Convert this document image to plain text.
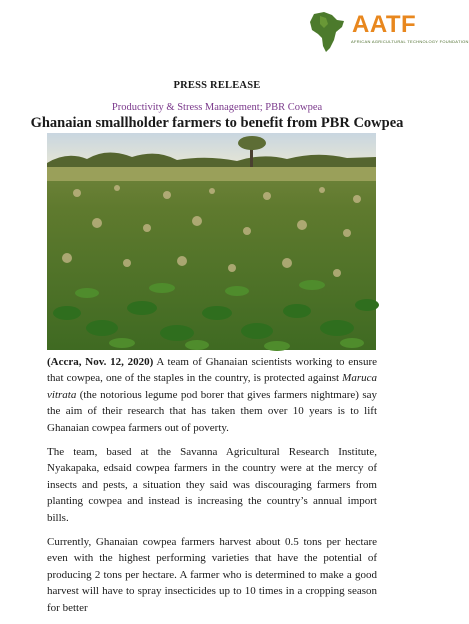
AATF
AFRICAN AGRICULTURAL TECHNOLOGY FOUNDATION
PRESS RELEASE
Productivity & Stress Management; PBR Cowpea
Ghanaian smallholder farmers to benefit from PBR Cowpea

(Accra, Nov. 12, 2020) A team of Ghanaian scientists working to ensure that cowpea, one of the staples in the country, is protected against Maruca vitrata (the notorious legume pod borer that gives farmers nightmare) say the aim of their research that has taken them over 10 years is to lift Ghanaian cowpea farmers out of poverty.

The team, based at the Savanna Agricultural Research Institute, Nyakapaka, edsaid cowpea farmers in the country were at the mercy of insects and pests, a situation they said was discouraging farmers from planting cowpea and instead is increasing the country’s annual import bills.

Currently, Ghanaian cowpea farmers harvest about 0.5 tons per hectare even with the highest performing varieties that have the potential of producing 2 tons per hectare. A farmer who is determined to make a good harvest will have to spray insecticides up to 10 times in a cropping season for better
